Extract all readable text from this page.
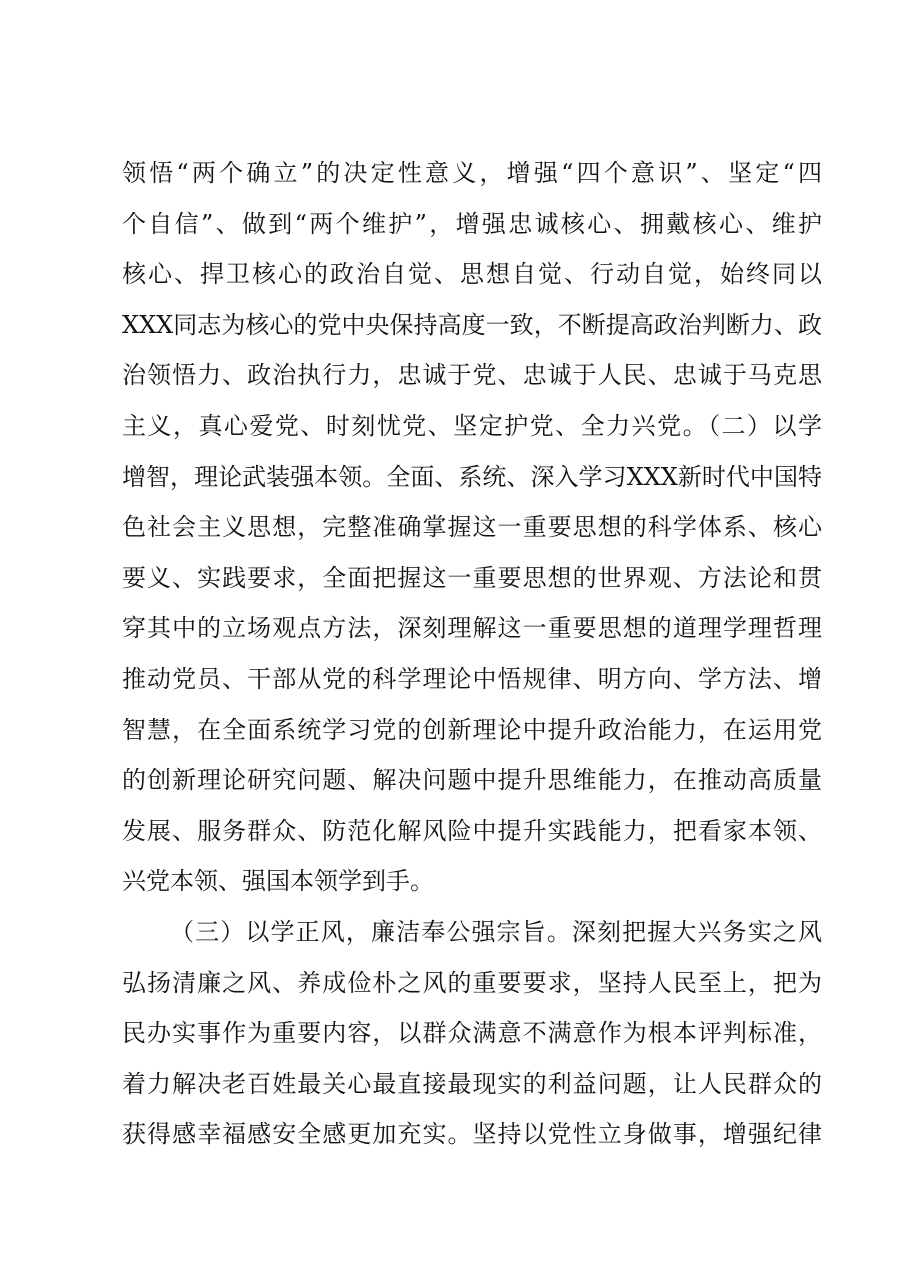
领悟“两个确立”的决定性意义，增强“四个意识”、坚定“四
个自信”、做到“两个维护”，增强忠诚核心、拥戴核心、维护
核心、捍卫核心的政治自觉、思想自觉、行动自觉，始终同以
XXX同志为核心的党中央保持高度一致，不断提高政治判断力、政
治领悟力、政治执行力，忠诚于党、忠诚于人民、忠诚于马克思
主义，真心爱党、时刻忧党、坚定护党、全力兴党。（二）以学
增智，理论武装强本领。全面、系统、深入学习XXX新时代中国特
色社会主义思想，完整准确掌握这一重要思想的科学体系、核心
要义、实践要求，全面把握这一重要思想的世界观、方法论和贯
穿其中的立场观点方法，深刻理解这一重要思想的道理学理哲理
推动党员、干部从党的科学理论中悟规律、明方向、学方法、增
智慧，在全面系统学习党的创新理论中提升政治能力，在运用党
的创新理论研究问题、解决问题中提升思维能力，在推动高质量
发展、服务群众、防范化解风险中提升实践能力，把看家本领、
兴党本领、强国本领学到手。
（三）以学正风，廉洁奉公强宗旨。深刻把握大兴务实之风
弘扬清廉之风、养成俭朴之风的重要要求，坚持人民至上，把为
民办实事作为重要内容，以群众满意不满意作为根本评判标准，
着力解决老百姓最关心最直接最现实的利益问题，让人民群众的
获得感幸福感安全感更加充实。坚持以党性立身做事，增强纪律
